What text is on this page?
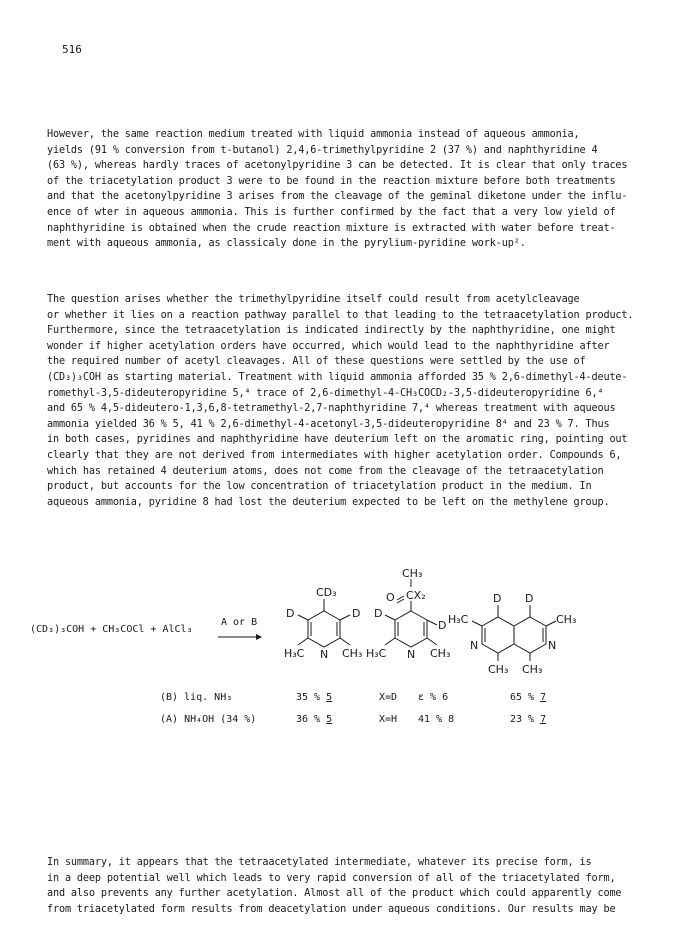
516
However, the same reaction medium treated with liquid ammonia instead of aqueous ammonia,
yields (91 % conversion from t-butanol) 2,4,6-trimethylpyridine 2 (37 %) and naphthyridine 4
(63 %), whereas hardly traces of acetonylpyridine 3 can be detected. It is clear that only traces
of the triacetylation product 3 were to be found in the reaction mixture before both treatments
and that the acetonylpyridine 3 arises from the cleavage of the geminal diketone under the influ-
ence of wter in aqueous ammonia. This is further confirmed by the fact that a very low yield of
naphthyridine is obtained when the crude reaction mixture is extracted with water before treat-
ment with aqueous ammonia, as classicaly done in the pyrylium-pyridine work-up².
The question arises whether the trimethylpyridine itself could result from acetylcleavage
or whether it lies on a reaction pathway parallel to that leading to the tetraacetylation product.
Furthermore, since the tetraacetylation is indicated indirectly by the naphthyridine, one might
wonder if higher acetylation orders have occurred, which would lead to the naphthyridine after
the required number of acetyl cleavages. All of these questions were settled by the use of
(CD₃)₃COH as starting material. Treatment with liquid ammonia afforded 35 % 2,6-dimethyl-4-deute-
romethyl-3,5-dideuteropyridine 5,⁴ trace of 2,6-dimethyl-4-CH₃COCD₂-3,5-dideuteropyridine 6,⁴
and 65 % 4,5-dideutero-1,3,6,8-tetramethyl-2,7-naphthyridine 7,⁴ whereas treatment with aqueous
ammonia yielded 36 % 5, 41 % 2,6-dimethyl-4-acetonyl-3,5-dideuteropyridine 8⁴ and 23 % 7. Thus
in both cases, pyridines and naphthyridine have deuterium left on the aromatic ring, pointing out
clearly that they are not derived from intermediates with higher acetylation order. Compounds 6,
which has retained 4 deuterium atoms, does not come from the cleavage of the tetraacetylation
product, but accounts for the low concentration of triacetylation product in the medium. In
aqueous ammonia, pyridine 8 had lost the deuterium expected to be left on the methylene group.
(CD₃)₃COH + CH₃COCl + AlCl₃
A or B
CD₃
D	D
N
H₃C	CH₃
CH₃
O CX₂
D
D
N
H₃C	CH₃
D D
H₃C	CH₃
N	N
CH₃ CH₃
(B) liq. NH₃	35 % 5	X=D ε % 6	65 % 7
(A) NH₄OH (34 %)	36 % 5	X=H 41 % 8	23 % 7
In summary, it appears that the tetraacetylated intermediate, whatever its precise form, is
in a deep potential well which leads to very rapid conversion of all of the triacetylated form,
and also prevents any further acetylation. Almost all of the product which could apparently come
from triacetylated form results from deacetylation under aqueous conditions. Our results may be
